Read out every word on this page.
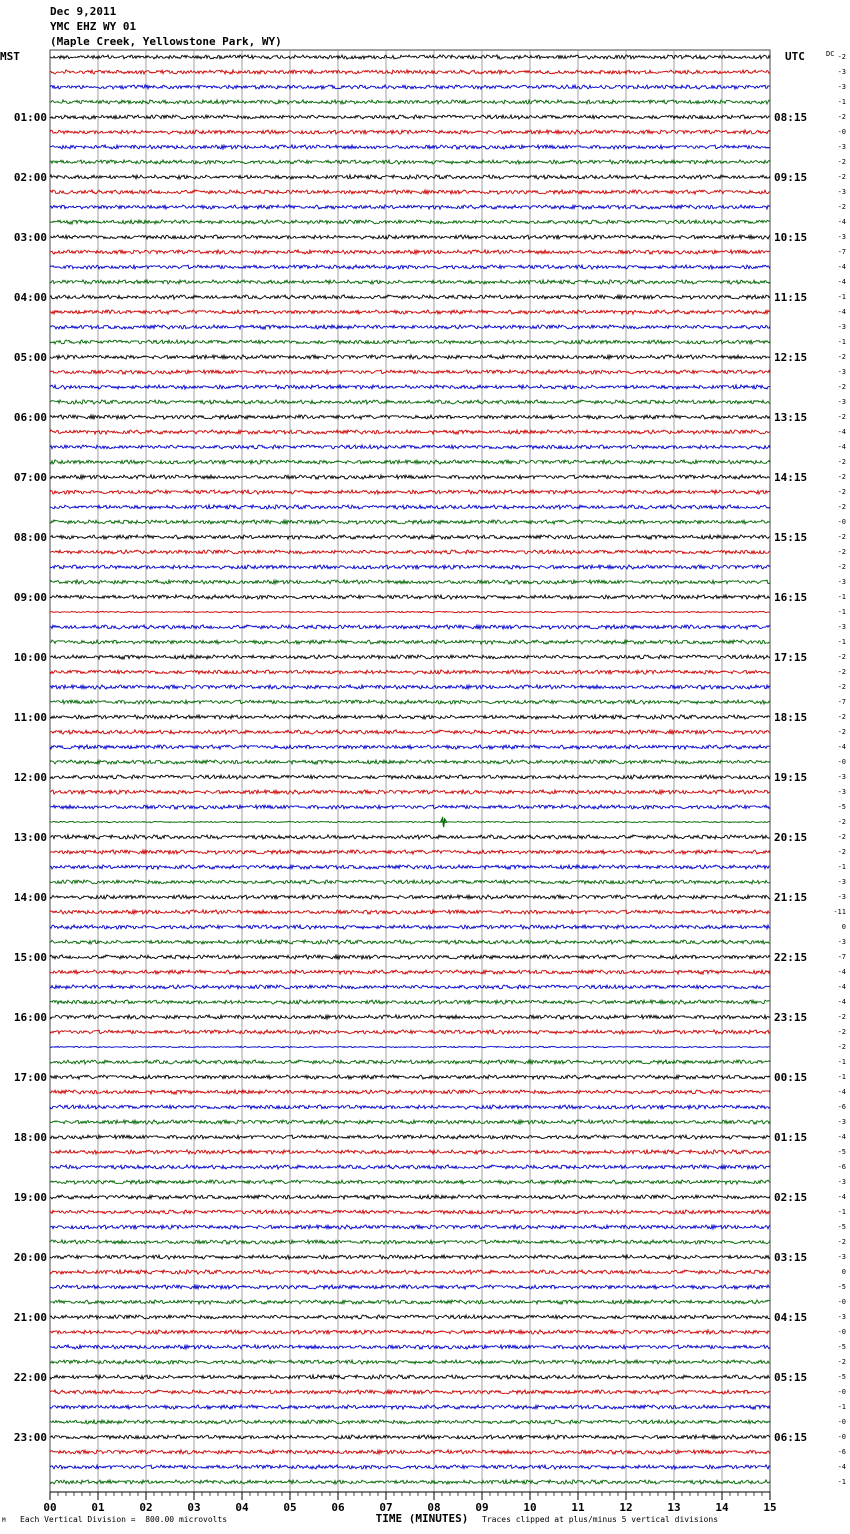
Dec 9,2011
YMC EHZ WY 01
(Maple Creek, Yellowstone Park, WY)
MST	UTC
01:00
02:00
03:00
04:00
05:00
06:00
07:00
08:00
09:00
10:00
11:00
12:00
13:00
14:00
15:00
16:00
17:00
18:00
19:00
20:00
21:00
22:00
23:00
08:15
09:15
10:15
11:15
12:15
13:15
14:15
15:15
16:15
17:15
18:15
19:15
20:15
21:15
22:15
23:15
00:15
01:15
02:15
03:15
04:15
05:15
06:15
DC -2
-3
-3
-1
-2
-0
-3
-2
-2
-3
-2
-4
-3
-7
-4
-4
-1
-4
-3
-1
-2
-3
-2
-3
-2
-4
-4
-2
-2
-2
-2
-0
-2
-2
-2
-3
-1
-1
-3
-1
-2
-2
-2
-7
-2
-2
-4
-0
-3
-3
-5
-2
-2
-2
-1
-3
-3
-11
0
-3
-7
-4
-4
-4
-2
-2
-2
-1
-1
-4
-6
-3
-4
-5
-6
-3
-4
-1
-5
-2
-3
0
-5
-0
-3
-0
-5
-2
-5
-0
-1
-0
-0
-6
-4
-1
00	01	02	03	04	05	06	07	08	09	10	11	12	13	14	15
TIME (MINUTES)
M Each Vertical Division =  800.00 microvolts	Traces clipped at plus/minus 5 vertical divisions
